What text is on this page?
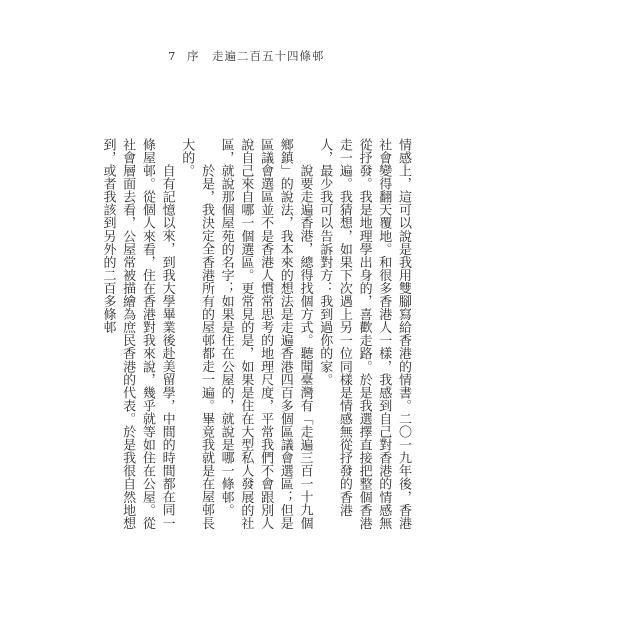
7 序　走遍二百五十四條邨

情感上，這可以說是我用雙腳寫給香港的情書。二〇一九年後，香港社會變得翻天覆地。和很多香港人一樣，我感到自己對香港的情感無從抒發。我是地理學出身的，喜歡走路。於是我選擇直接把整個香港走一遍。我猜想，如果下次遇上另一位同樣是情感無從抒發的香港人，最少我可以告訴對方：我到過你的家。

說要走遍香港，總得找個方式。聽聞臺灣有「走遍三百一十九個鄉鎮」的說法，我本來的想法是走遍香港四百多個區議會選區；但是區議會選區並不是香港人慣常思考的地理尺度，平常我們不會跟別人說自己來自哪一個選區。更常見的是，如果是住在大型私人發展的社區，就說那個屋苑的名字；如果是住在公屋的，就說是哪一條邨。

於是，我決定全香港所有的屋邨都走一遍。畢竟我就是在屋邨長大的。

自有記憶以來，到我大學畢業後赴美留學，中間的時間都在同一條屋邨。從個人來看，住在香港對我來說，幾乎就等如住在公屋。從社會層面去看，公屋常被描繪為庶民香港的代表。於是我很自然地想到，或者我該到另外的二百多條邨
